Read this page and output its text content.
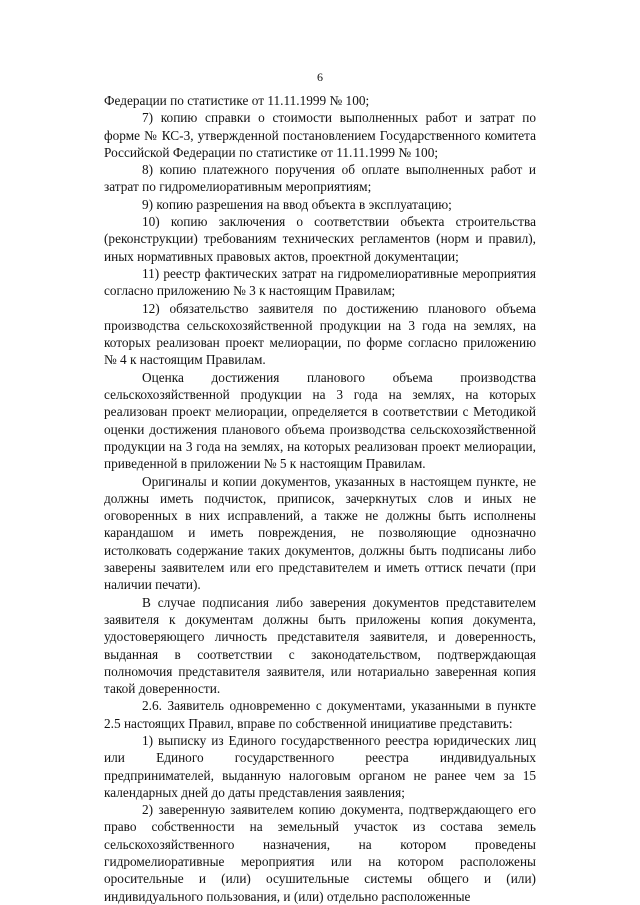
6

Федерации по статистике от 11.11.1999 № 100;

7) копию справки о стоимости выполненных работ и затрат по форме № КС-3, утвержденной постановлением Государственного комитета Российской Федерации по статистике от 11.11.1999 № 100;

8) копию платежного поручения об оплате выполненных работ и затрат по гидромелиоративным мероприятиям;

9) копию разрешения на ввод объекта в эксплуатацию;

10) копию заключения о соответствии объекта строительства (реконструкции) требованиям технических регламентов (норм и правил), иных нормативных правовых актов, проектной документации;

11) реестр фактических затрат на гидромелиоративные мероприятия согласно приложению № 3 к настоящим Правилам;

12) обязательство заявителя по достижению планового объема производства сельскохозяйственной продукции на 3 года на землях, на которых реализован проект мелиорации, по форме согласно приложению № 4 к настоящим Правилам.

Оценка достижения планового объема производства сельскохозяйственной продукции на 3 года на землях, на которых реализован проект мелиорации, определяется в соответствии с Методикой оценки достижения планового объема производства сельскохозяйственной продукции на 3 года на землях, на которых реализован проект мелиорации, приведенной в приложении № 5 к настоящим Правилам.

Оригиналы и копии документов, указанных в настоящем пункте, не должны иметь подчисток, приписок, зачеркнутых слов и иных не оговоренных в них исправлений, а также не должны быть исполнены карандашом и иметь повреждения, не позволяющие однозначно истолковать содержание таких документов, должны быть подписаны либо заверены заявителем или его представителем и иметь оттиск печати (при наличии печати).

В случае подписания либо заверения документов представителем заявителя к документам должны быть приложены копия документа, удостоверяющего личность представителя заявителя, и доверенность, выданная в соответствии с законодательством, подтверждающая полномочия представителя заявителя, или нотариально заверенная копия такой доверенности.

2.6. Заявитель одновременно с документами, указанными в пункте 2.5 настоящих Правил, вправе по собственной инициативе представить:

1) выписку из Единого государственного реестра юридических лиц или Единого государственного реестра индивидуальных предпринимателей, выданную налоговым органом не ранее чем за 15 календарных дней до даты представления заявления;

2) заверенную заявителем копию документа, подтверждающего его право собственности на земельный участок из состава земель сельскохозяйственного назначения, на котором проведены гидромелиоративные мероприятия или на котором расположены оросительные и (или) осушительные системы общего и (или) индивидуального пользования, и (или) отдельно расположенные
